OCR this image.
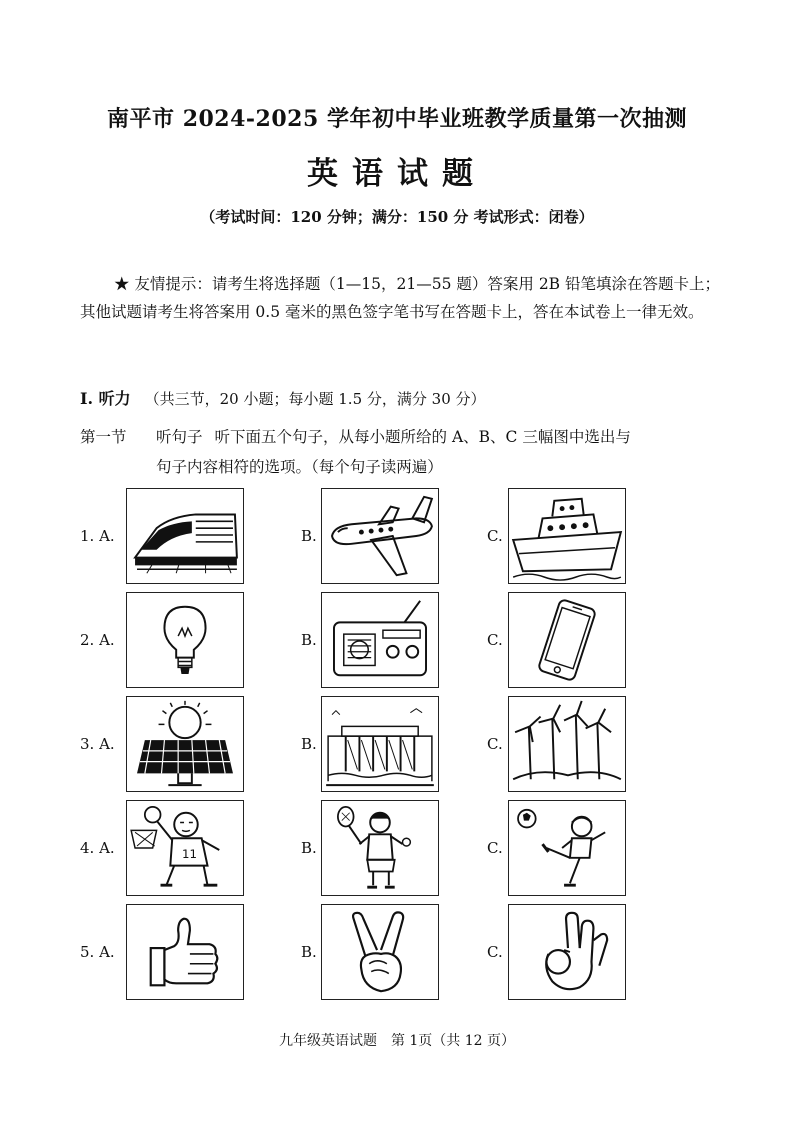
南平市 2024-2025 学年初中毕业班教学质量第一次抽测
英语试题
（考试时间：120 分钟；满分：150 分 考试形式：闭卷）
★ 友情提示：请考生将选择题（1—15，21—55 题）答案用 2B 铅笔填涂在答题卡上；其他试题请考生将答案用 0.5 毫米的黑色签字笔书写在答题卡上，答在本试卷上一律无效。
I. 听力 （共三节，20 小题；每小题 1.5 分，满分 30 分）
第一节 听句子 听下面五个句子，从每小题所给的 A、B、C 三幅图中选出与
句子内容相符的选项。（每个句子读两遍）
1. A.	B.	C.
2. A.	B.	C.
3. A.	B.	C.
4. A.	11	B.	C.
5. A.	B.	C.
九年级英语试题　第 1页（共 12 页）
